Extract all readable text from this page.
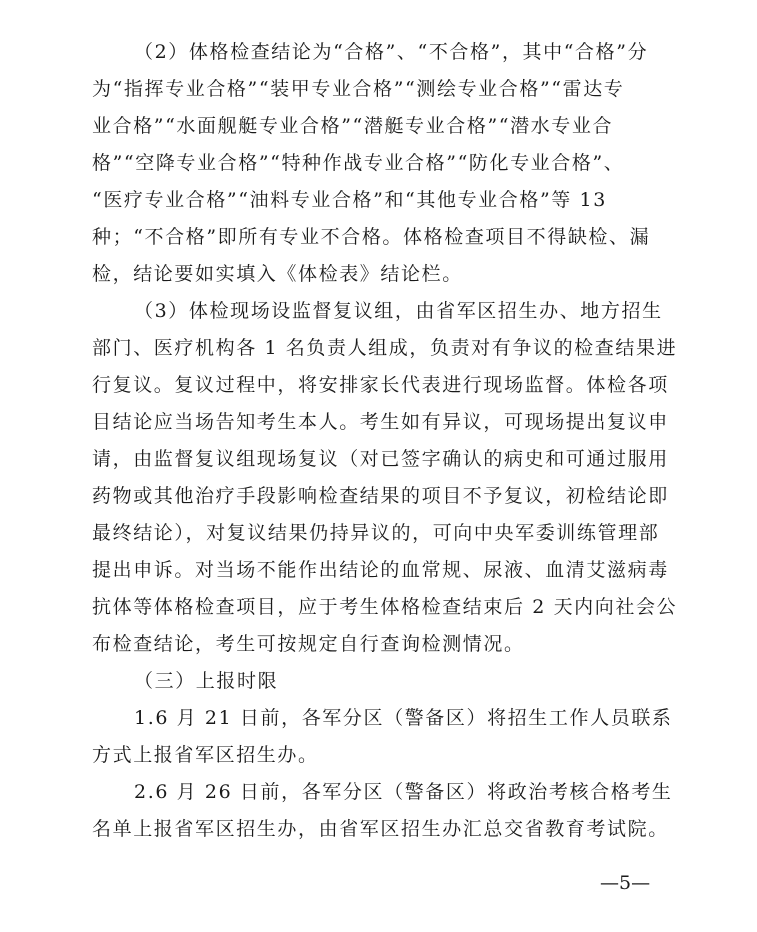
（2）体格检查结论为“合格”、“不合格”，其中“合格”分
为“指挥专业合格”“装甲专业合格”“测绘专业合格”“雷达专
业合格”“水面舰艇专业合格”“潜艇专业合格”“潜水专业合
格”“空降专业合格”“特种作战专业合格”“防化专业合格”、
“医疗专业合格”“油料专业合格”和“其他专业合格”等 13
种；“不合格”即所有专业不合格。体格检查项目不得缺检、漏
检，结论要如实填入《体检表》结论栏。
（3）体检现场设监督复议组，由省军区招生办、地方招生
部门、医疗机构各 1 名负责人组成，负责对有争议的检查结果进
行复议。复议过程中，将安排家长代表进行现场监督。体检各项
目结论应当场告知考生本人。考生如有异议，可现场提出复议申
请，由监督复议组现场复议（对已签字确认的病史和可通过服用
药物或其他治疗手段影响检查结果的项目不予复议，初检结论即
最终结论），对复议结果仍持异议的，可向中央军委训练管理部
提出申诉。对当场不能作出结论的血常规、尿液、血清艾滋病毒
抗体等体格检查项目，应于考生体格检查结束后 2 天内向社会公
布检查结论，考生可按规定自行查询检测情况。
（三）上报时限
1.6 月 21 日前，各军分区（警备区）将招生工作人员联系
方式上报省军区招生办。
2.6 月 26 日前，各军分区（警备区）将政治考核合格考生
名单上报省军区招生办，由省军区招生办汇总交省教育考试院。
—5—
